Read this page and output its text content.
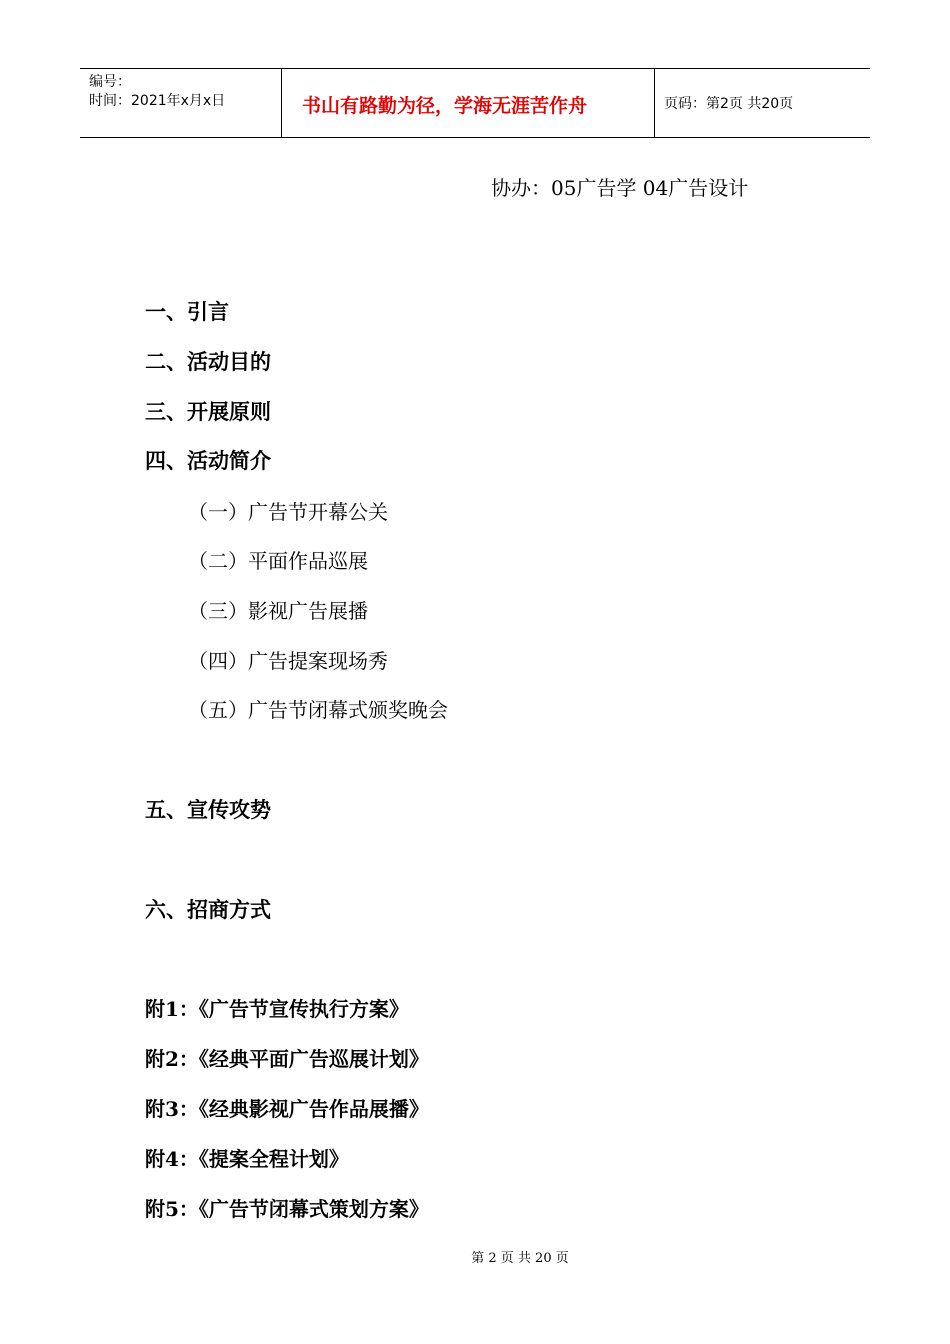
编号：
时间：2021年x月x日	书山有路勤为径，学海无涯苦作舟	页码：第2页 共20页
协办：05广告学 04广告设计
一、引言
二、活动目的
三、开展原则
四、活动简介
（一）广告节开幕公关
（二）平面作品巡展
（三）影视广告展播
（四）广告提案现场秀
（五）广告节闭幕式颁奖晚会
五、宣传攻势
六、招商方式
附1：《广告节宣传执行方案》
附2：《经典平面广告巡展计划》
附3：《经典影视广告作品展播》
附4：《提案全程计划》
附5：《广告节闭幕式策划方案》
第 2 页 共 20 页
